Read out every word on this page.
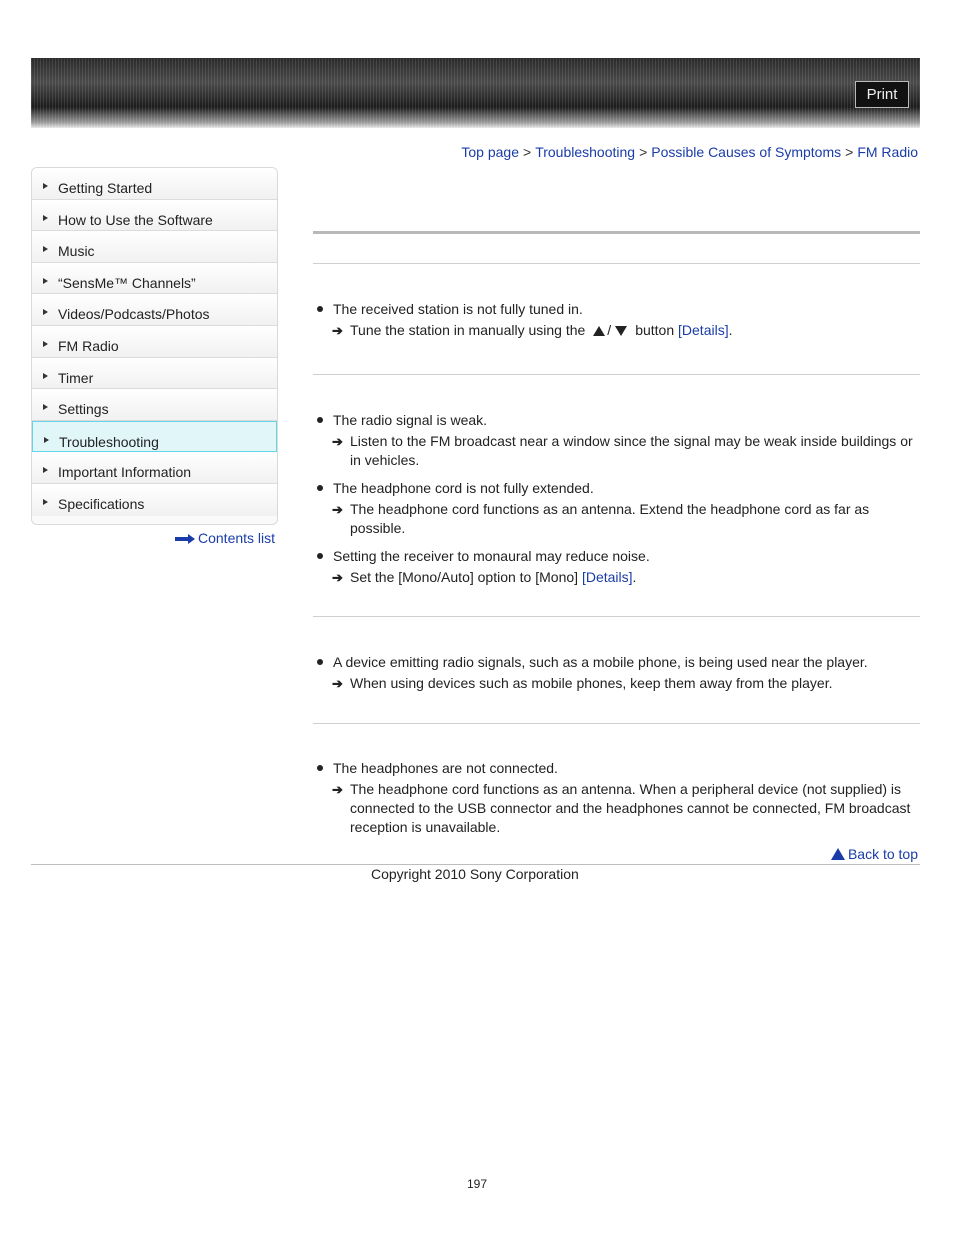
Print
Top page > Troubleshooting > Possible Causes of Symptoms > FM Radio
Getting Started
How to Use the Software
Music
“SensMe™ Channels”
Videos/Podcasts/Photos
FM Radio
Timer
Settings
Troubleshooting
Important Information
Specifications
Contents list
The received station is not fully tuned in.
➔ Tune the station in manually using the / button [Details].
The radio signal is weak.
➔ Listen to the FM broadcast near a window since the signal may be weak inside buildings or in vehicles.
The headphone cord is not fully extended.
➔ The headphone cord functions as an antenna. Extend the headphone cord as far as possible.
Setting the receiver to monaural may reduce noise.
➔ Set the [Mono/Auto] option to [Mono] [Details].
A device emitting radio signals, such as a mobile phone, is being used near the player.
➔ When using devices such as mobile phones, keep them away from the player.
The headphones are not connected.
➔ The headphone cord functions as an antenna. When a peripheral device (not supplied) is connected to the USB connector and the headphones cannot be connected, FM broadcast reception is unavailable.
Back to top
Copyright 2010 Sony Corporation
197
